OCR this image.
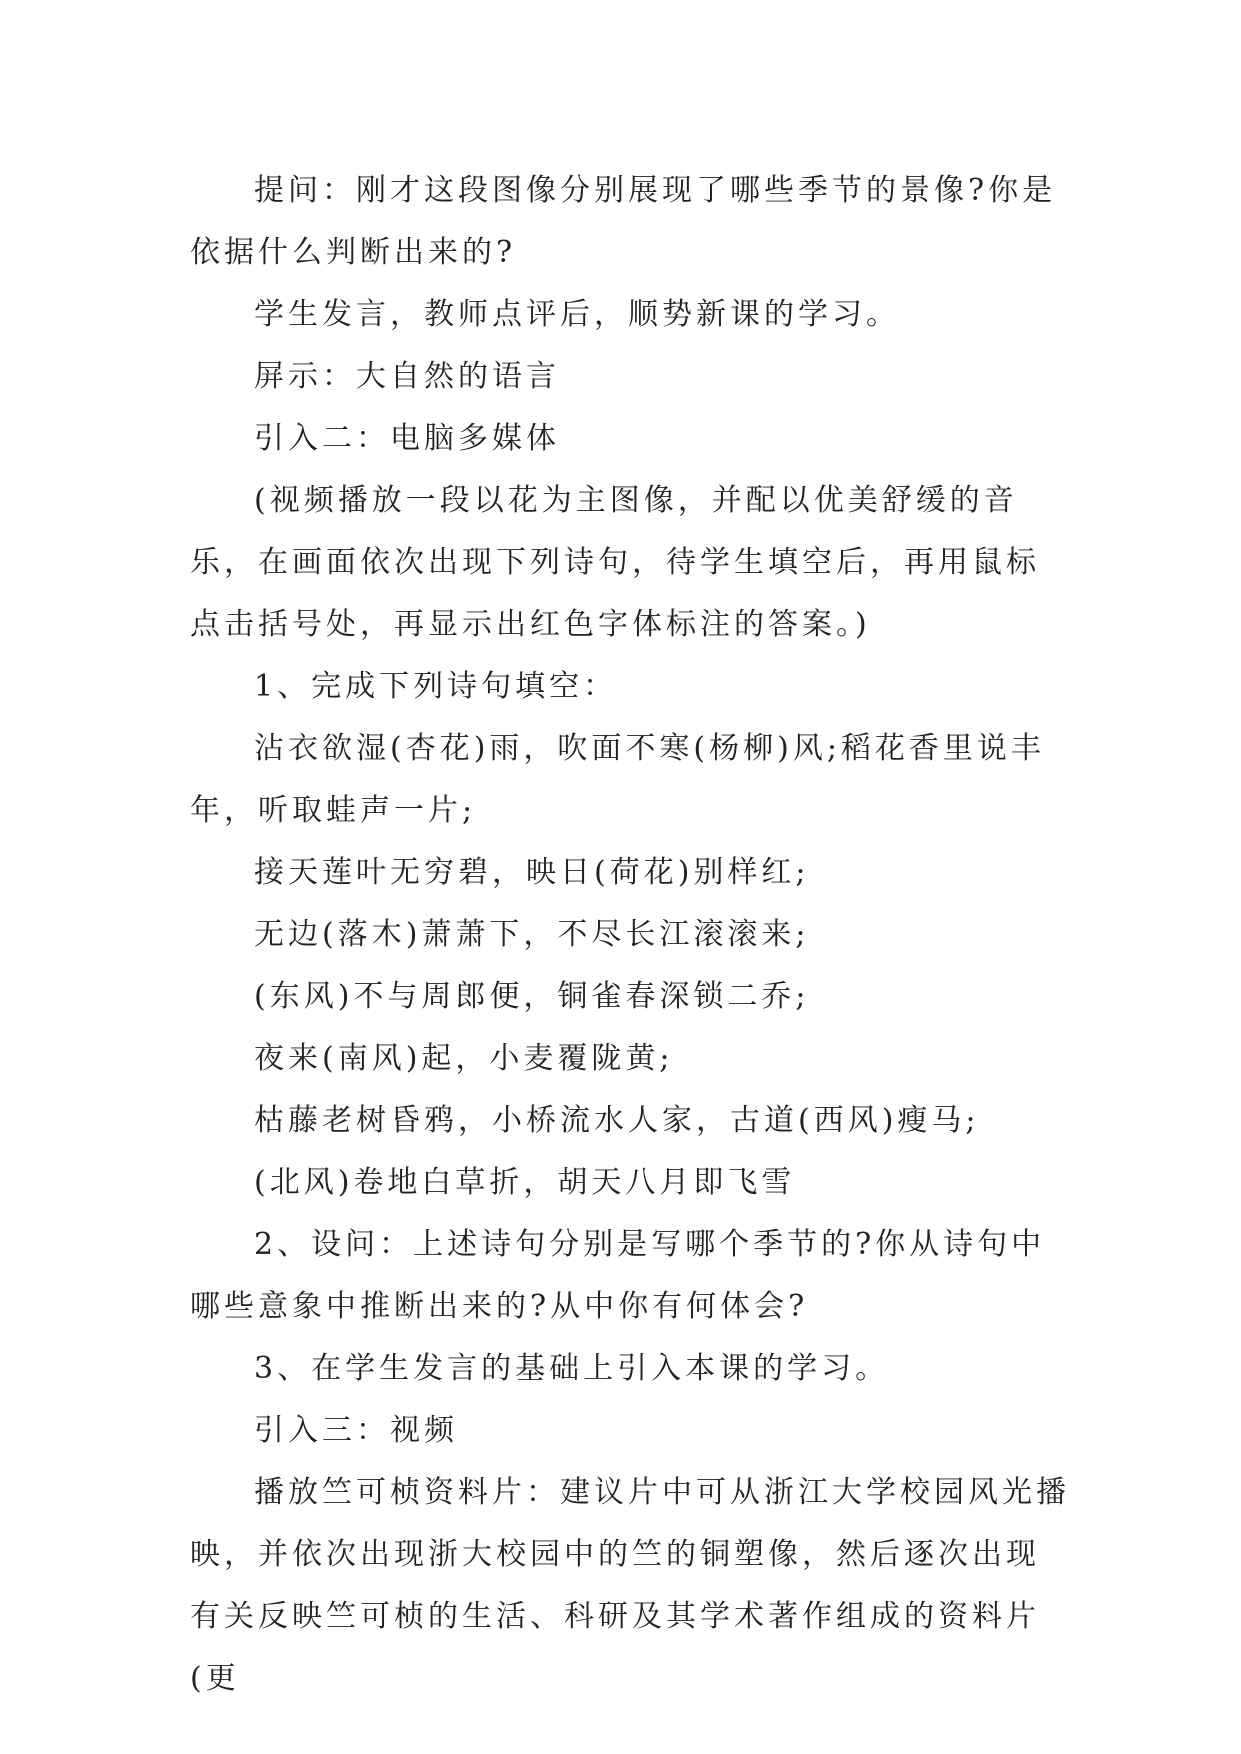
提问：刚才这段图像分别展现了哪些季节的景像?你是依据什么判断出来的?

学生发言，教师点评后，顺势新课的学习。

屏示：大自然的语言

引入二：电脑多媒体

(视频播放一段以花为主图像，并配以优美舒缓的音乐，在画面依次出现下列诗句，待学生填空后，再用鼠标点击括号处，再显示出红色字体标注的答案。)

1、完成下列诗句填空：

沾衣欲湿(杏花)雨，吹面不寒(杨柳)风;稻花香里说丰年，听取蛙声一片;

接天莲叶无穷碧，映日(荷花)别样红;

无边(落木)萧萧下，不尽长江滚滚来;

(东风)不与周郎便，铜雀春深锁二乔;

夜来(南风)起，小麦覆陇黄;

枯藤老树昏鸦，小桥流水人家，古道(西风)瘦马;

(北风)卷地白草折，胡天八月即飞雪

2、设问：上述诗句分别是写哪个季节的?你从诗句中哪些意象中推断出来的?从中你有何体会?

3、在学生发言的基础上引入本课的学习。

引入三：视频

播放竺可桢资料片：建议片中可从浙江大学校园风光播映，并依次出现浙大校园中的竺的铜塑像，然后逐次出现有关反映竺可桢的生活、科研及其学术著作组成的资料片(更
